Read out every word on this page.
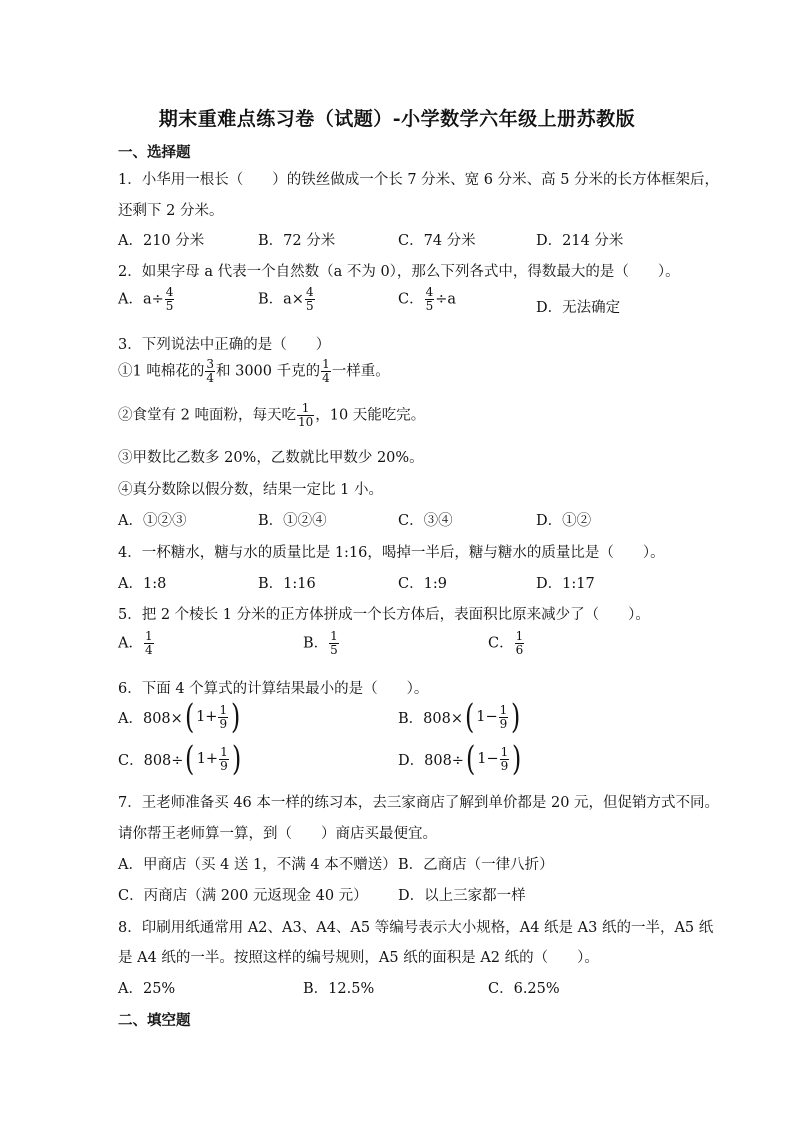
期末重难点练习卷（试题）-小学数学六年级上册苏教版
一、选择题
1．小华用一根长（　　）的铁丝做成一个长 7 分米、宽 6 分米、高 5 分米的长方体框架后，
还剩下 2 分米。
A．210 分米	B．72 分米	C．74 分米	D．214 分米
2．如果字母 a 代表一个自然数（a 不为 0），那么下列各式中，得数最大的是（　　）。
A．$a\div \frac{4}{5}$	B．$a\times \frac{4}{5}$	C． $\frac{4}{5} \div a$
D．无法确定
3．下列说法中正确的是（　　）
①1 吨棉花的 $\frac{3}{4}$ 和 3000 千克的 $\frac{1}{4}$ 一样重。
②食堂有 2 吨面粉，每天吃 $\frac{1}{10}$ ，10 天能吃完。
③甲数比乙数多 20%，乙数就比甲数少 20%。
④真分数除以假分数，结果一定比 1 小。
A．①②③	B．①②④	C．③④	D．①②
4．一杯糖水，糖与水的质量比是 1:16，喝掉一半后，糖与糖水的质量比是（　　）。
A．1:8	B．1:16	C．1:9	D．1:17
5．把 2 个棱长 1 分米的正方体拼成一个长方体后，表面积比原来减少了（　　）。
A． $\frac{1}{4}$	B． $\frac{1}{5}$	C． $\frac{1}{6}$
6．下面 4 个算式的计算结果最小的是（　　）。
A．808×( $1+ \frac{1}{9}$ )	B．808×( $1- \frac{1}{9}$ )
C．808÷( $1+ \frac{1}{9}$ )	D．808÷( $1- \frac{1}{9}$ )
7．王老师准备买 46 本一样的练习本，去三家商店了解到单价都是 20 元，但促销方式不同。
请你帮王老师算一算，到（　　）商店买最便宜。
A．甲商店（买 4 送 1，不满 4 本不赠送） B．乙商店（一律八折）
C．丙商店（满 200 元返现金 40 元） D．以上三家都一样
8．印刷用纸通常用 A2、A3、A4、A5 等编号表示大小规格，A4 纸是 A3 纸的一半，A5 纸
是 A4 纸的一半。按照这样的编号规则，A5 纸的面积是 A2 纸的（　　）。
A．25%	B．12.5%	C．6.25%
二、填空题
